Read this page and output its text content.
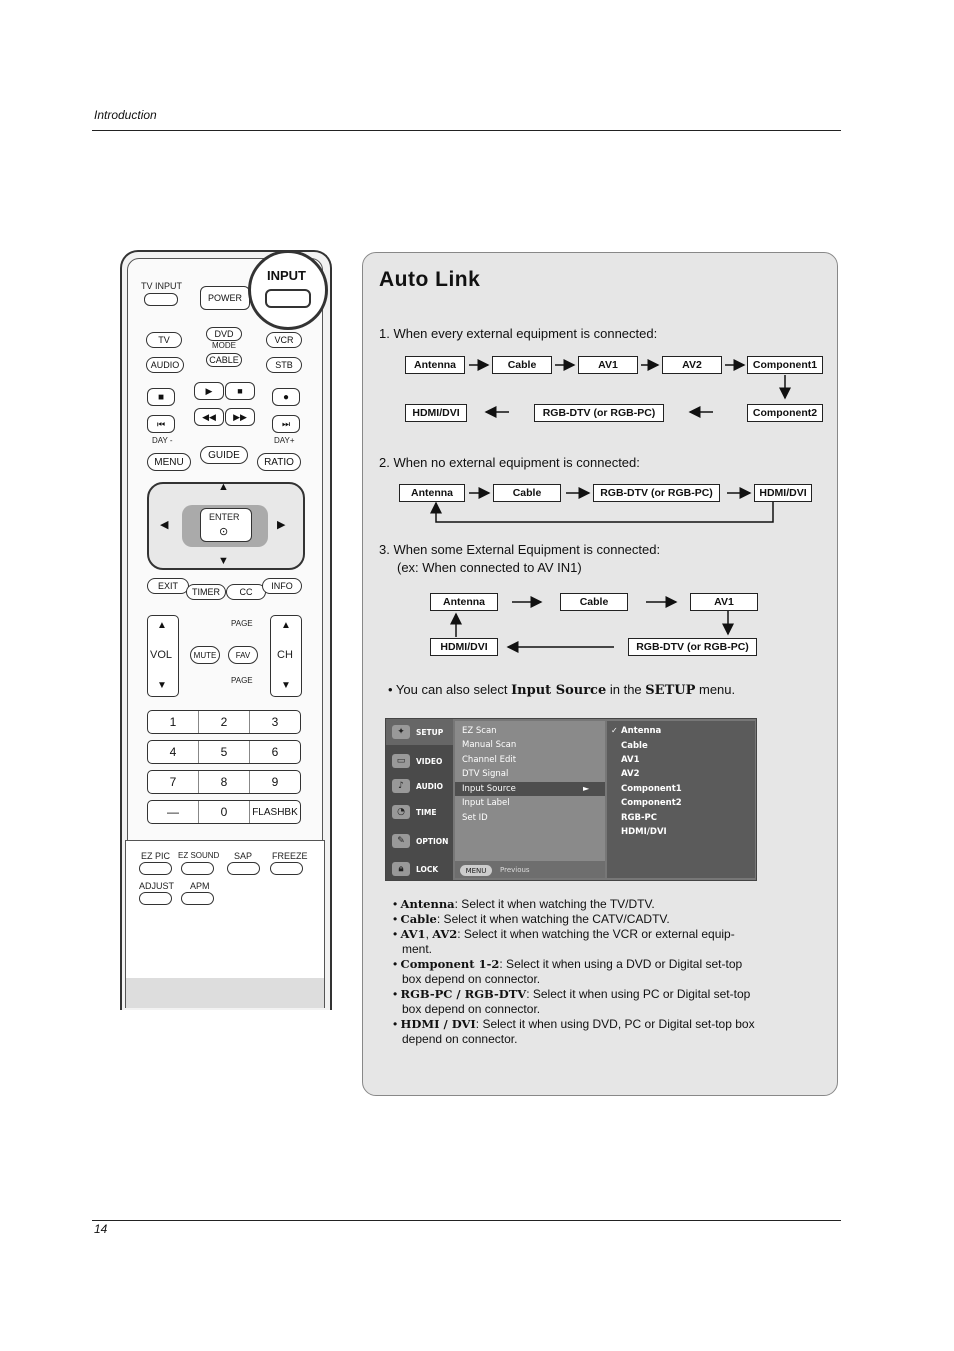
Introduction
14
TV INPUT
POWER
INPUT
TV
DVD
MODE
VCR
AUDIO	CABLE	STB
■
▶	■
●
⏮
◀◀	▶▶
⏭
DAY -	DAY+
MENU
GUIDE
RATIO
▲
▼
◀	▶
ENTER
⊙
EXIT
TIMER	CC
INFO
▲
VOL
▼
▲
CH
▼
PAGE
PAGE
MUTE	FAV
1	2	3
4	5	6
7	8	9
—	0	FLASHBK
EZ PIC EZ SOUND SAP FREEZE
ADJUST APM
Auto Link
1. When every external equipment is connected:
Antenna	Cable	AV1	AV2	Component1
Component2
RGB-DTV (or RGB-PC)
HDMI/DVI
2. When no external equipment is connected:
Antenna	Cable	RGB-DTV (or RGB-PC)	HDMI/DVI
3. When some External Equipment is connected:
(ex: When connected to AV IN1)
Antenna	Cable	AV1
RGB-DTV (or RGB-PC)
HDMI/DVI
• You can also select Input Source in the SETUP menu.
✦	SETUP
▭	VIDEO
♪	AUDIO
◔	TIME
✎	OPTION
🔒︎	LOCK
EZ Scan
Manual Scan
Channel Edit
DTV Signal
Input Source	►
Input Label
Set ID
MENU	Previous
✓ Antenna
Cable
AV1
AV2
Component1
Component2
RGB-PC
HDMI/DVI

• Antenna: Select it when watching the TV/DTV.

• Cable: Select it when watching the CATV/CADTV.

• AV1, AV2: Select it when watching the VCR or external equip-ment.

• Component 1-2: Select it when using a DVD or Digital set-top box depend on connector.

• RGB-PC / RGB-DTV: Select it when using PC or Digital set-top box depend on connector.

• HDMI / DVI: Select it when using DVD, PC or Digital set-top box depend on connector.
